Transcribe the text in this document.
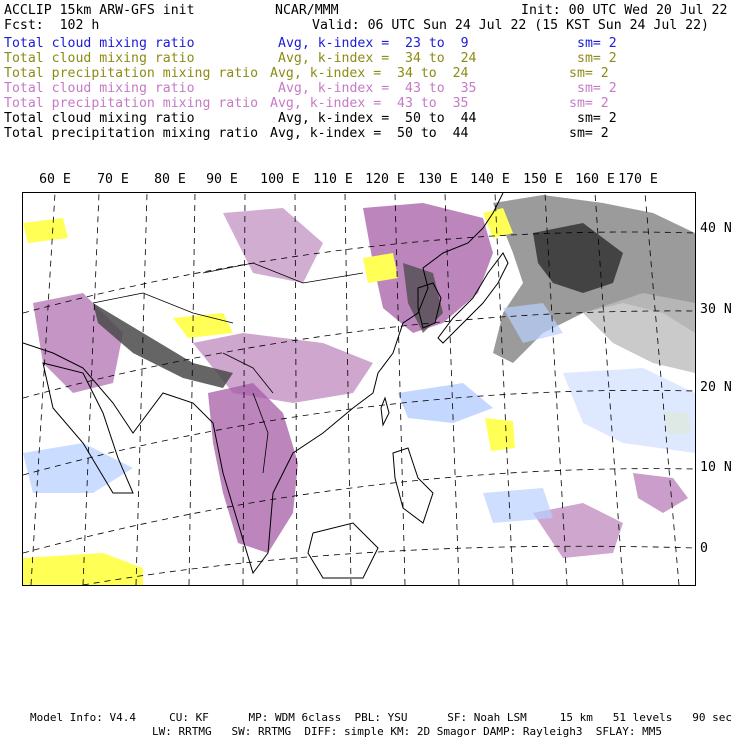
ACCLIP 15km ARW-GFS init	NCAR/MMM	Init: 00 UTC Wed 20 Jul 22
Fcst:  102 h	Valid: 06 UTC Sun 24 Jul 22 (15 KST Sun 24 Jul 22)
Total cloud mixing ratio	Avg, k-index =  23 to  9	sm= 2
Total cloud mixing ratio	Avg, k-index =  34 to  24	sm= 2
Total precipitation mixing ratio Avg, k-index =  34 to  24	sm= 2
Total cloud mixing ratio	Avg, k-index =  43 to  35	sm= 2
Total precipitation mixing ratio Avg, k-index =  43 to  35	sm= 2
Total cloud mixing ratio	Avg, k-index =  50 to  44	sm= 2
Total precipitation mixing ratio Avg, k-index =  50 to  44	sm= 2
60 E 70 E 80 E 90 E 100 E 110 E 120 E 130 E 140 E 150 E 160 E 170 E
40 N
30 N
20 N
10 N
0
Model Info: V4.4     CU: KF      MP: WDM 6class  PBL: YSU      SF: Noah LSM     15 km   51 levels   90 sec
LW: RRTMG   SW: RRTMG  DIFF: simple KM: 2D Smagor DAMP: Rayleigh3  SFLAY: MM5
